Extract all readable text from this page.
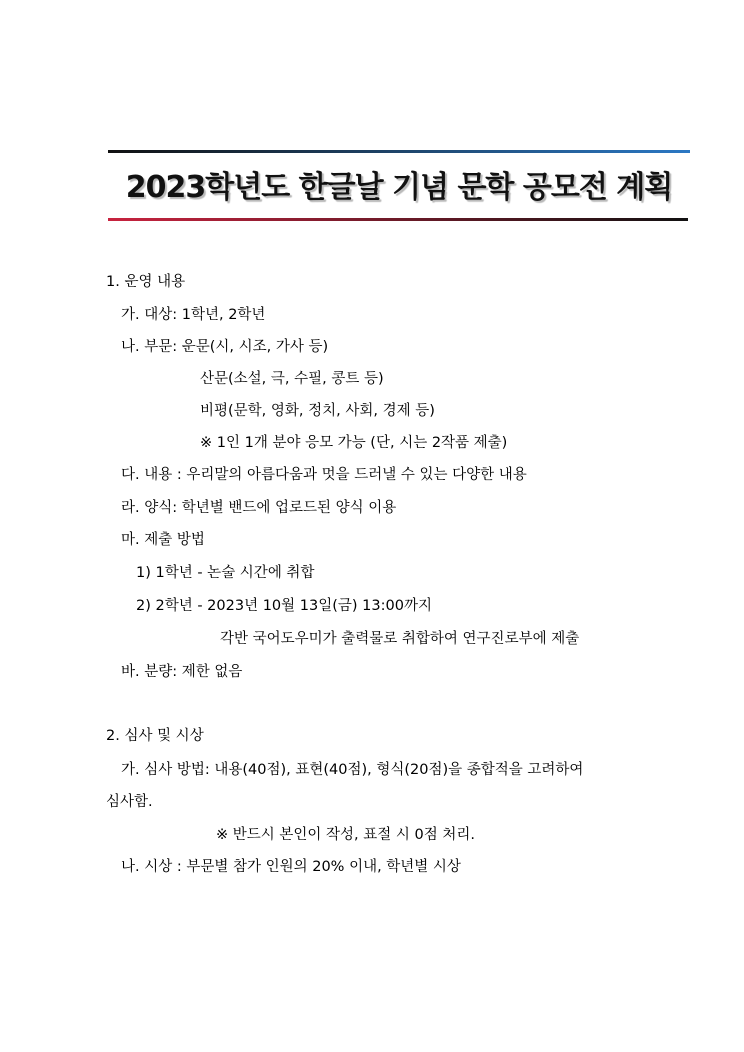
2023학년도 한글날 기념 문학 공모전 계획
1. 운영 내용
가. 대상: 1학년, 2학년
나. 부문: 운문(시, 시조, 가사 등)
산문(소설, 극, 수필, 콩트 등)
비평(문학, 영화, 정치, 사회, 경제 등)
※ 1인 1개 분야 응모 가능 (단, 시는 2작품 제출)
다. 내용 : 우리말의 아름다움과 멋을 드러낼 수 있는 다양한 내용
라. 양식: 학년별 밴드에 업로드된 양식 이용
마. 제출 방법
1) 1학년 - 논술 시간에 취합
2) 2학년 - 2023년 10월 13일(금) 13:00까지
각반 국어도우미가 출력물로 취합하여 연구진로부에 제출
바. 분량: 제한 없음
2. 심사 및 시상
가. 심사 방법: 내용(40점), 표현(40점), 형식(20점)을 종합적을 고려하여
심사함.
※ 반드시 본인이 작성, 표절 시 0점 처리.
나. 시상 : 부문별 참가 인원의 20% 이내, 학년별 시상
